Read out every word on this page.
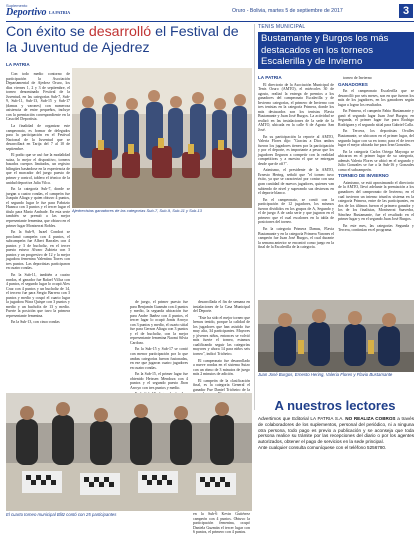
Suplemento
Deportivo LA PATRIA	Oruro - Bolivia, martes 5 de septiembre de 2017	3
Con éxito se desarrolló el Festival de la Juventud de Ajedrez
LA PATRIA

Con todo medio contorno de participación la Asociación Departamental de Ajedrez Oruro, los días viernes 1, 2 y 3 de septiembre, el torneo denominado Festival de la Juventud, en las categorías Sub-7, Sub-9, Sub-11, Sub-13, Sub-15 y Sub-17 (damas y varones) con numerosa asistencia de entre pequeños, incluye con la premiación correspondiente en la Casa del Deportista.

La finalidad de organizar este campeonato, es formar de delegados para la participación en el Festival Nacional de la Juventud que se desarrollará en Tarija del 7 al 10 de septiembre.

El podio que se usó fue la modalidad suiza, lo mejor el dispositivo, torneos basados cuerpos limitados, un registro bilingües basándose en la experiencia de que el marcador del juego puesto de primer y control, tablero el técnico de la unidad deportiva Julia Vilca.

En la categoría Sub-7, donde se juegan a cuatro rondas, el campeón fue Joaquín Aliaga y quien obtuvo 4 puntos, el segundo lugar le fue para Fabrizio Huanca con 3 puntos y el tercer lugar el título para Mario Andrade. En esta serie también se premió a las mejor representante femenina, que obtuvo en el primer lugar Montserrat Robles.

En la Sub-9, Israel Condori se proclamó campeón con 4 puntos, el subcampeón fue Albert Barrales con 4 puntos y 3 de bucholtz, en el tercer puesto estuvo Alvaro Zubieta con 3 puntos y un progresivo de 12 y la mejor jugadora femenina Valentina Torres con tres puntos. Las deportistas participaron en cuatro rondas.

En la Sub-11, también a cuatro rondas, el ganador fue Rafael Villca con 4 puntos, el segundo lugar lo ocupó Alex Cruz con 4 puntos y un bucholtz de 14, el tercero fue para Sergio Barrera con 3 puntos y medio y ocupó el cuarto lugar la jugadora Wara Quispe con 3 puntos y medio y un bucholtz de 13 y medio. Fuerte la posición que tuvo la primera representante femenina.

En la Sub-13, con cinco rondas

Ajedrecistas ganadores de las categorías Sub-7, Sub-9, Sub-11 y Sub-13

de juego, el primer puesto fue para Benjamín Guzmán con 4 puntos y medio, la segunda ubicación fue para Andre Ibañez con 4 puntos, el tercer lugar lo ocupó Jonás Arroyo con 3 puntos y medio, el cuarto sitial fue para Gerson Aliaga con 3 puntos y el de bucholtz, con la mejor representante femenina Naomi Silvia Cardozo.

En la Sub-15 y Sub-17 se contó con menor participación por lo que ambas categorías fueron fusionadas, en ese que jugaron cuatro jugadores en cuatro rondas.

En la Sub-15, el primer lugar fue obtenido Heissen Mendoza con 4 puntos y el segundo puesto Jhon Arroyo con tres puntos y medio.

desarrollada el fin de semana en instalaciones de la Casa Municipal del Deporte.

"Este ha sido el mejor torneo que hemos tenido, porque la calidad de los jugadores que han asistido fue muy alta, 34 participantes. Mayores y jóvenes niños, entonces se volvió más fuerte el torneo, estamos cualificando seguir las categorías mayores y ahora 14 para niños seis torneo", indicó Tricheiro.

El campeonato fue desarrollado a nueve rondas en el sistema Suizo con un ritmo de 3 minutos de juego más 2 minutos de adición.

El campeón de la clasificación final, es la categoría General el ganador Fue Daniel Tricheiro de la

en la Sub-6 Kevin Gutiérrez campeón con 4 puntos. Obtuvo la participación femenina, ocupó Daniela Guzmán el tercer lugar con 6 puntos, el primero con 4 puntos.

El cuarto torneo municipal Blitz contó con 25 participantes
TENIS MUNICIPAL
Bustamante y Burgos los más destacados en los torneos Escalerilla y de Invierno

LA PATRIA

El directorio de la Asociación Municipal de Tenis Oruro (AMTO), el miércoles 30 de agosto, realizó la entrega de premios a los ganadores del campeonato Escalerilla y de Invierno categorías, el primero de Invierno con tres tenistas en la categoría Primera, donde los más destacados son los tenistas Flavia Bustamante y Juan José Burgos. La actividad se realizó en las instalaciones de la sede de la AMTO, ubicada en la calle 6 de Agosto San José.

En su participación la reporte al AMTO, Valeria Flores dijo: "Gracias a Dios ambos fueron los jugadores tienen por la participación y por el deporte, es importante a pesar que los jugadores llegaron a competir con la realidad competitivas y a nuestra el que se entregan desde que de ofi?".

Asimismo, el presidente de la AMTO, Ernesto Hering, señaló que "el torneo tuvo éxito, ya que se caracterizó por contar con una gran cantidad de nuevos jugadores, quienes van subiendo de nivel y superando sus destrezas en el deporte blanco.

En el campeonato, se contó con la participación de 12 jugadores, los mismos fueron divididos en los grupos de A, Segundo y el de juego A de cada serie y que jugaron en el primero que el cual escalones en la tabla de posiciones del torneo.

En la categoría Primera Damas, Flavia Bustamante y en la categoría Primera Varones el campeón fue Juan José Burgos, el cual durante la semana anterior se encontró como juego en la final de la Escalerilla de la categoría.

torneo de Invierno

GANADORES

En el campeonato Escalerilla que se desarrolló por seis meses, son en que fueron los más de los jugadores, en los ganadores según lugar a lograr los resultados.

En Primera, el campeón Fabio Bustamante y ganó el segundo lugar Juan José Burgos; en Segunda, el primer lugar fue para Rodrigo Rodríguez y el segundo sitial para Gabriel Calla.

En Tercera, los deportistas Ovalles Bustamante, se ubicaron en el primer lugar, del segundo lugar con su en torno; para el de tercer lugar el mejor ubicada fue para Ivan Gonzales.

En la categoría Carlos Ortega Mayorga se ubicaron en el primer lugar de su categoría, además Valeria Flores se ubicó en el segundo y Julio Gonzales se fue a la Sub-16 y Gonzales como el subcampeón.

TORNEO DE INVIERNO

Asimismo, se está aproximando el directorio de la AMTO, llevó adelante la premiación a los ganadores del campeonato de Invierno, en el cual tuvieron un intenso triunfos sistema en la categoría Primera, entre de las participantes, en dos de los últimos fueron el primero ganador y los de los finalistas, Montserrat Saavedra, Sánchez Bustamante, fue el resultado en el primer lugar y en el segundo Juan José Burgos.

En este mes, las categorías Segunda y Tercera, continúan en el programa.

Juan José Burgos, Ernesto Hering, Valeria Flores y Flavio Bustamante
A nuestros lectores
Advertimos que Editorial LA PATRIA S.A. NO REALIZA COBROS a través de colaboradores de los suplementos, personal del periódico, ni a ninguna otra persona, todo pago es previo a publicación y se aconseja que toda persona realice su trámite por las recepciones del diario o por los agentes autorizados, obtener el pago de servicios en la sede principal.
Ante cualquier consulta comuníquese con el teléfono 5256780.
